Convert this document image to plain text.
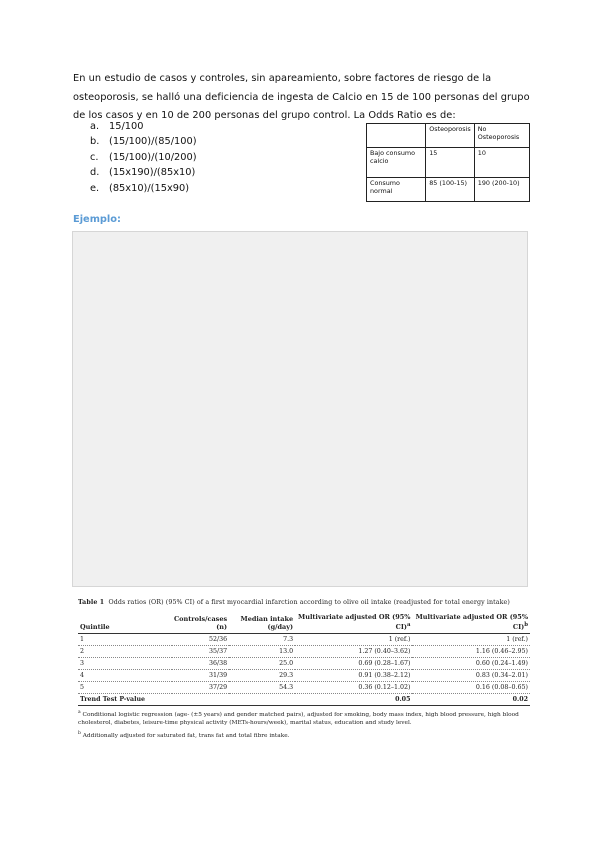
En un estudio de casos y controles, sin apareamiento, sobre factores de riesgo de la osteoporosis, se halló una deficiencia de ingesta de Calcio en 15 de 100 personas del grupo de los casos y en 10 de 200 personas del grupo control. La Odds Ratio es de:

a.	15/100
b. (15/100)/(85/100)
c.	(15/100)/(10/200)
d. (15x190)/(85x10)
e.	(85x10)/(15x90)
	Osteoporosis	No Osteoporosis
Bajo consumo calcio	15	10
Consumo normal	85 (100-15)	190 (200-10)
Ejemplo:
Table 1 Odds ratios (OR) (95% CI) of a first myocardial infarction according to olive oil intake (readjusted for total energy intake)
Quintile	Controls/cases (n)	Median intake (g/day)	Multivariate adjusted OR (95% CI)$^a$	Multivariate adjusted OR (95% CI)$^b$
1	52/36	7.3	1 (ref.)	1 (ref.)
2	35/37	13.0	1.27 (0.40–3.62)	1.16 (0.46–2.95)
3	36/38	25.0	0.69 (0.28–1.67)	0.60 (0.24–1.49)
4	31/39	29.3	0.91 (0.38–2.12)	0.83 (0.34–2.01)
5	37/29	54.3	0.36 (0.12–1.02)	0.16 (0.08–0.65)
Trend Test P-value			0.05	0.02
$^a$ Conditional logistic regression (age- (±5 years) and gender matched pairs), adjusted for smoking, body mass index, high blood pressure, high blood cholesterol, diabetes, leisure-time physical activity (METs-hours/week), marital status, education and study level.
$^b$ Additionally adjusted for saturated fat, trans fat and total fibre intake.
